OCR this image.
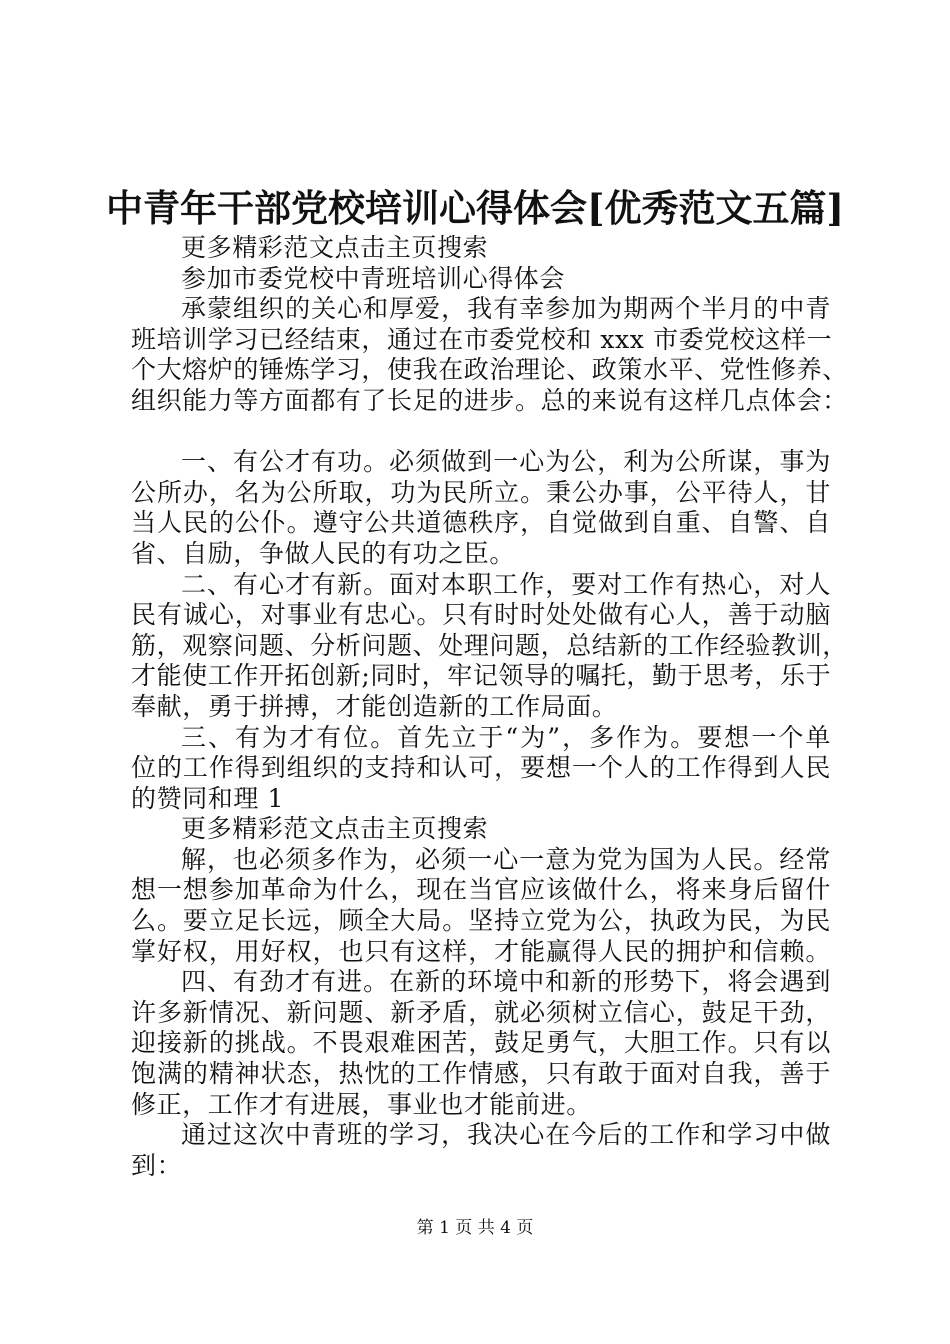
中青年干部党校培训心得体会[优秀范文五篇]
更多精彩范文点击主页搜索
参加市委党校中青班培训心得体会
承蒙组织的关心和厚爱，我有幸参加为期两个半月的中青
班培训学习已经结束，通过在市委党校和 xxx 市委党校这样一
个大熔炉的锤炼学习，使我在政治理论、政策水平、党性修养、
组织能力等方面都有了长足的进步。总的来说有这样几点体会：
一、有公才有功。必须做到一心为公，利为公所谋，事为
公所办，名为公所取，功为民所立。秉公办事，公平待人，甘
当人民的公仆。遵守公共道德秩序，自觉做到自重、自警、自
省、自励，争做人民的有功之臣。
二、有心才有新。面对本职工作，要对工作有热心，对人
民有诚心，对事业有忠心。只有时时处处做有心人，善于动脑
筋，观察问题、分析问题、处理问题，总结新的工作经验教训，
才能使工作开拓创新;同时，牢记领导的嘱托，勤于思考，乐于
奉献，勇于拼搏，才能创造新的工作局面。
三、有为才有位。首先立于“为”，多作为。要想一个单
位的工作得到组织的支持和认可，要想一个人的工作得到人民
的赞同和理 1
更多精彩范文点击主页搜索
解，也必须多作为，必须一心一意为党为国为人民。经常
想一想参加革命为什么，现在当官应该做什么，将来身后留什
么。要立足长远，顾全大局。坚持立党为公，执政为民，为民
掌好权，用好权，也只有这样，才能赢得人民的拥护和信赖。
四、有劲才有进。在新的环境中和新的形势下，将会遇到
许多新情况、新问题、新矛盾，就必须树立信心，鼓足干劲，
迎接新的挑战。不畏艰难困苦，鼓足勇气，大胆工作。只有以
饱满的精神状态，热忱的工作情感，只有敢于面对自我，善于
修正，工作才有进展，事业也才能前进。
通过这次中青班的学习，我决心在今后的工作和学习中做
到：
第 1 页 共 4 页
